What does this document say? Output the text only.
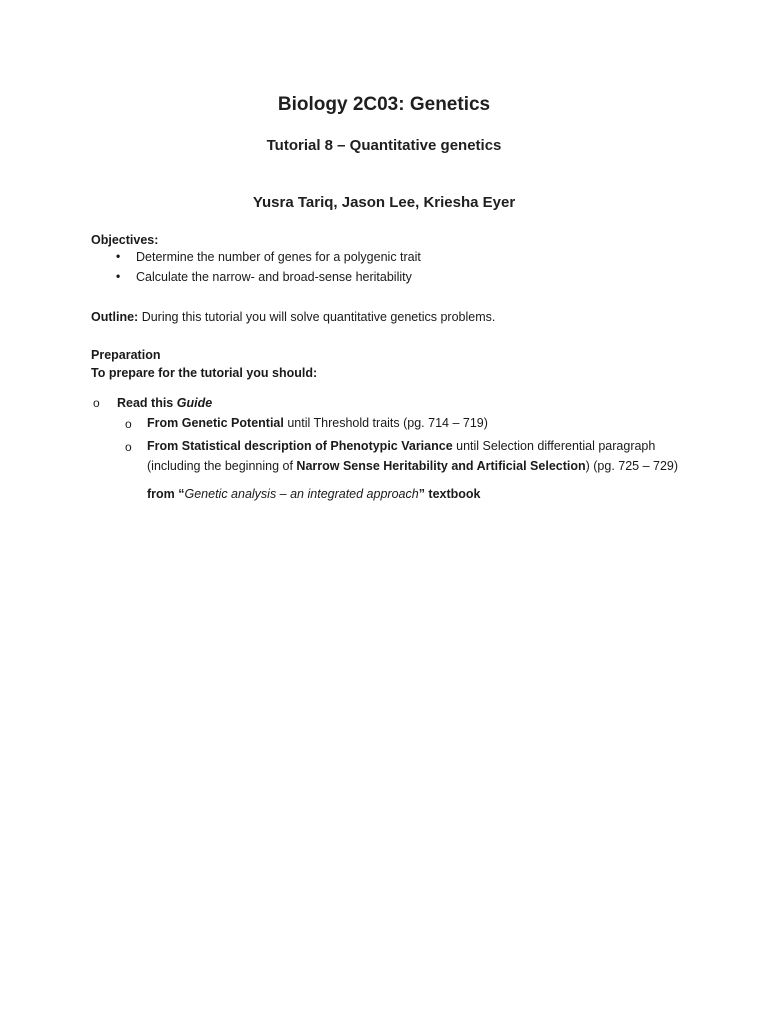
Biology 2C03: Genetics
Tutorial 8 – Quantitative genetics
Yusra Tariq, Jason Lee, Kriesha Eyer
Objectives:
• Determine the number of genes for a polygenic trait
• Calculate the narrow- and broad-sense heritability
Outline: During this tutorial you will solve quantitative genetics problems.
Preparation
To prepare for the tutorial you should:
o Read this Guide
o From Genetic Potential until Threshold traits (pg. 714 – 719)
o From Statistical description of Phenotypic Variance until Selection differential paragraph
(including the beginning of Narrow Sense Heritability and Artificial Selection) (pg. 725 – 729)
from “Genetic analysis – an integrated approach” textbook
